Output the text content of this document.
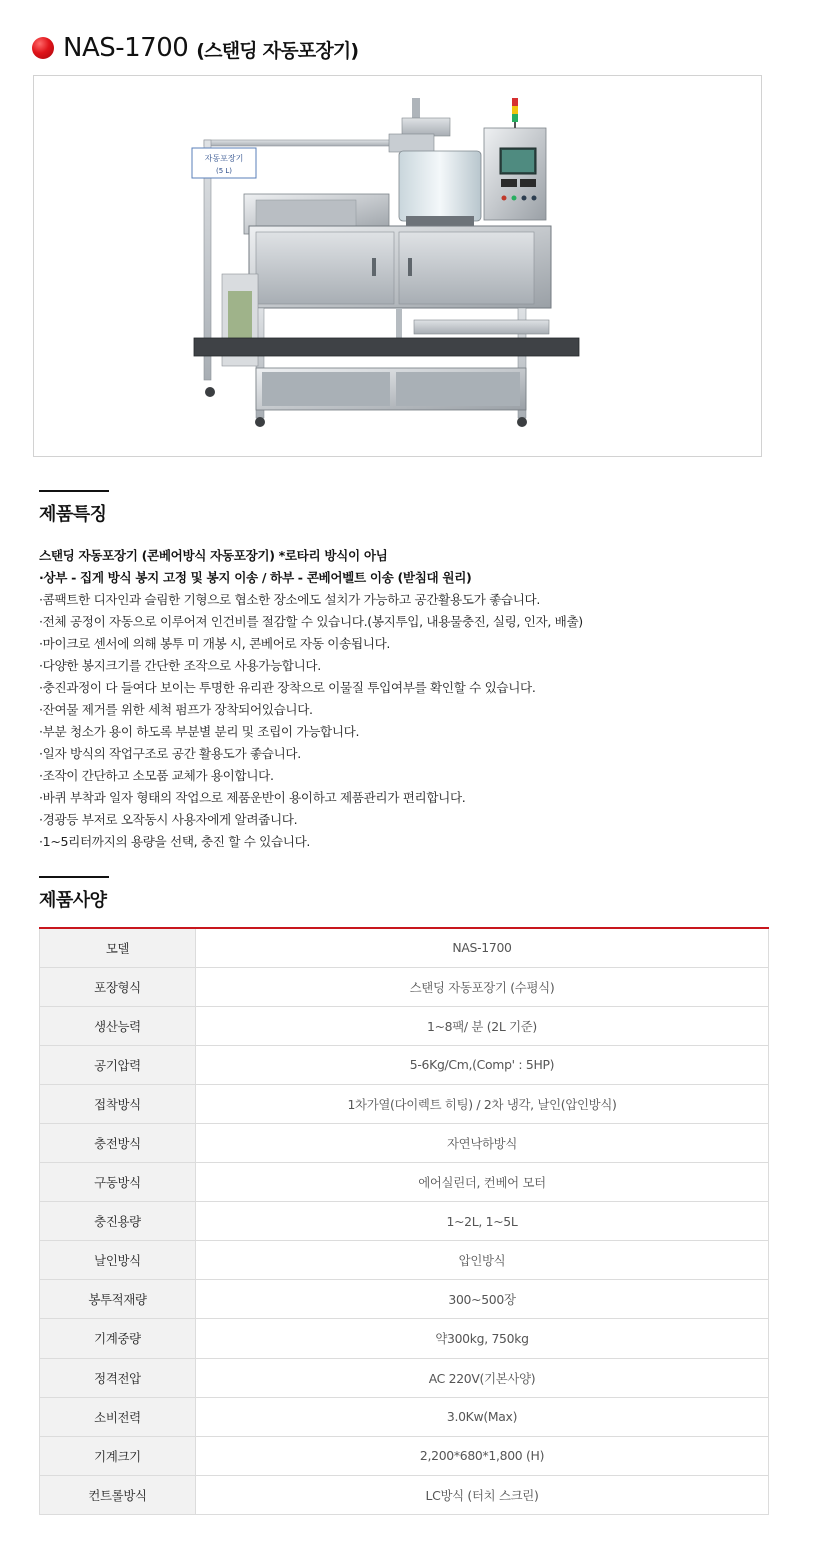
NAS-1700 (스탠딩 자동포장기)
자동포장기
(5 L)
제품특징
스탠딩 자동포장기 (콘베어방식 자동포장기) *로타리 방식이 아님
·상부 - 집게 방식 봉지 고정 및 봉지 이송 / 하부 - 콘베어벨트 이송 (받침대 원리)
·콤팩트한 디자인과 슬림한 기형으로 협소한 장소에도 설치가 가능하고 공간활용도가 좋습니다.
·전체 공정이 자동으로 이루어져 인건비를 절감할 수 있습니다.(봉지투입, 내용물충진, 실링, 인자, 배출)
·마이크로 센서에 의해 봉투 미 개봉 시, 콘베어로 자동 이송됩니다.
·다양한 봉지크기를 간단한 조작으로 사용가능합니다.
·충진과정이 다 들여다 보이는 투명한 유리관 장착으로 이물질 투입여부를 확인할 수 있습니다.
·잔여물 제거를 위한 세척 펌프가 장착되어있습니다.
·부분 청소가 용이 하도록 부분별 분리 및 조립이 가능합니다.
·일자 방식의 작업구조로 공간 활용도가 좋습니다.
·조작이 간단하고 소모품 교체가 용이합니다.
·바퀴 부착과 일자 형태의 작업으로 제품운반이 용이하고 제품관리가 편리합니다.
·경광등 부저로 오작동시 사용자에게 알려줍니다.
·1~5리터까지의 용량을 선택, 충진 할 수 있습니다.
제품사양
모델	NAS-1700
포장형식	스탠딩 자동포장기 (수평식)
생산능력	1~8팩/ 분 (2L 기준)
공기압력	5-6Kg/Cm,(Comp' : 5HP)
접착방식	1차가열(다이렉트 히팅) / 2차 냉각, 날인(압인방식)
충전방식	자연낙하방식
구동방식	에어실린더, 컨베어 모터
충진용량	1~2L, 1~5L
날인방식	압인방식
봉투적재량	300~500장
기계중량	약300kg, 750kg
정격전압	AC 220V(기본사양)
소비전력	3.0Kw(Max)
기계크기	2,200*680*1,800 (H)
컨트롤방식	LC방식 (터치 스크린)
